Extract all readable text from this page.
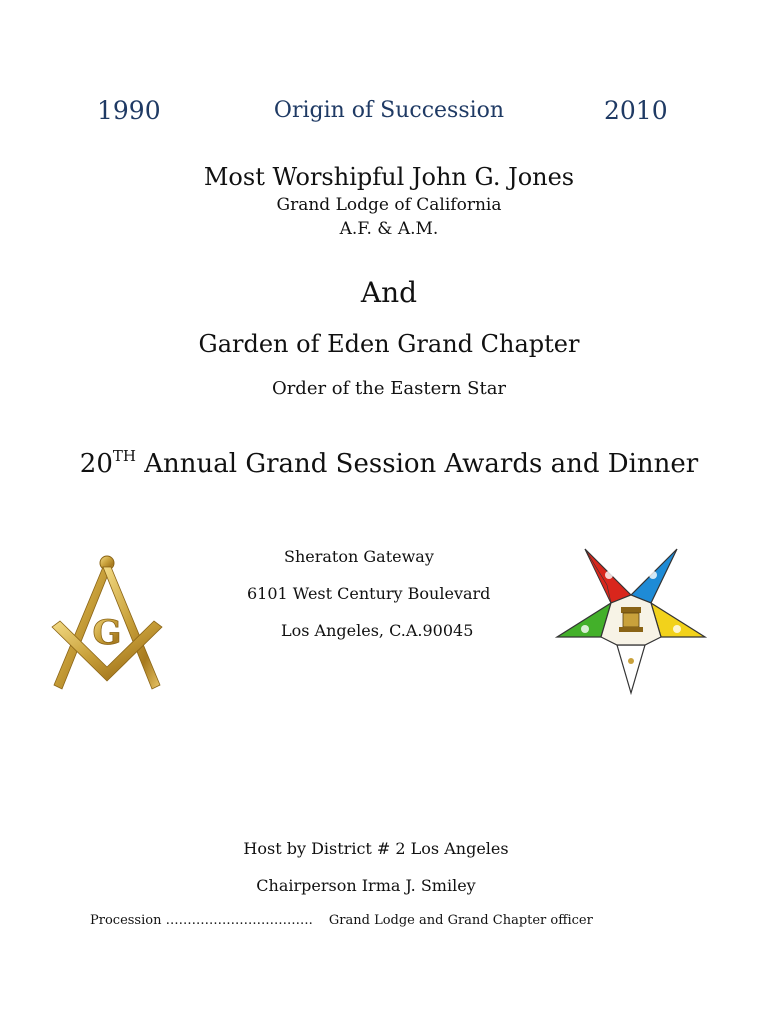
1990	Origin of Succession	2010
Most Worshipful John G. Jones
Grand Lodge of California
A.F. & A.M.
And
Garden of Eden Grand Chapter
Order of the Eastern Star
20TH Annual Grand Session Awards and Dinner
Sheraton Gateway
6101 West Century Boulevard
Los Angeles, C.A.90045
G
Host by District # 2 Los Angeles
Chairperson Irma J. Smiley
Procession ……………………………. Grand Lodge and Grand Chapter officer
